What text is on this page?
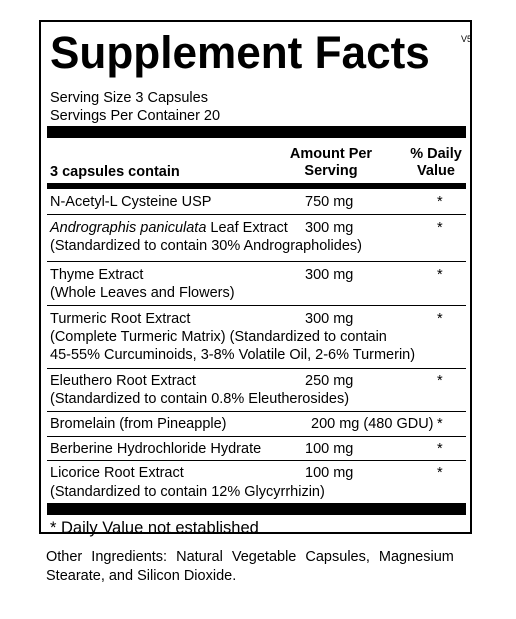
Supplement Facts	V5
Serving Size 3 Capsules
Servings Per Container 20
3 capsules contain
Amount Per
Serving
% Daily
Value
N-Acetyl-L Cysteine USP	750 mg	*
Andrographis paniculata Leaf Extract
(Standardized to contain 30% Andrographolides)
300 mg	*
Thyme Extract
(Whole Leaves and Flowers)
300 mg	*
Turmeric Root Extract
(Complete Turmeric Matrix) (Standardized to contain
45-55% Curcuminoids, 3-8% Volatile Oil, 2-6% Turmerin)
300 mg	*
Eleuthero Root Extract
(Standardized to contain 0.8% Eleutherosides)
250 mg	*
Bromelain (from Pineapple)	200 mg (480 GDU) *
Berberine Hydrochloride Hydrate	100 mg	*
Licorice Root Extract
(Standardized to contain 12% Glycyrrhizin)
100 mg	*
* Daily Value not established
Other Ingredients: Natural Vegetable Capsules, Magnesium
Stearate, and Silicon Dioxide.
